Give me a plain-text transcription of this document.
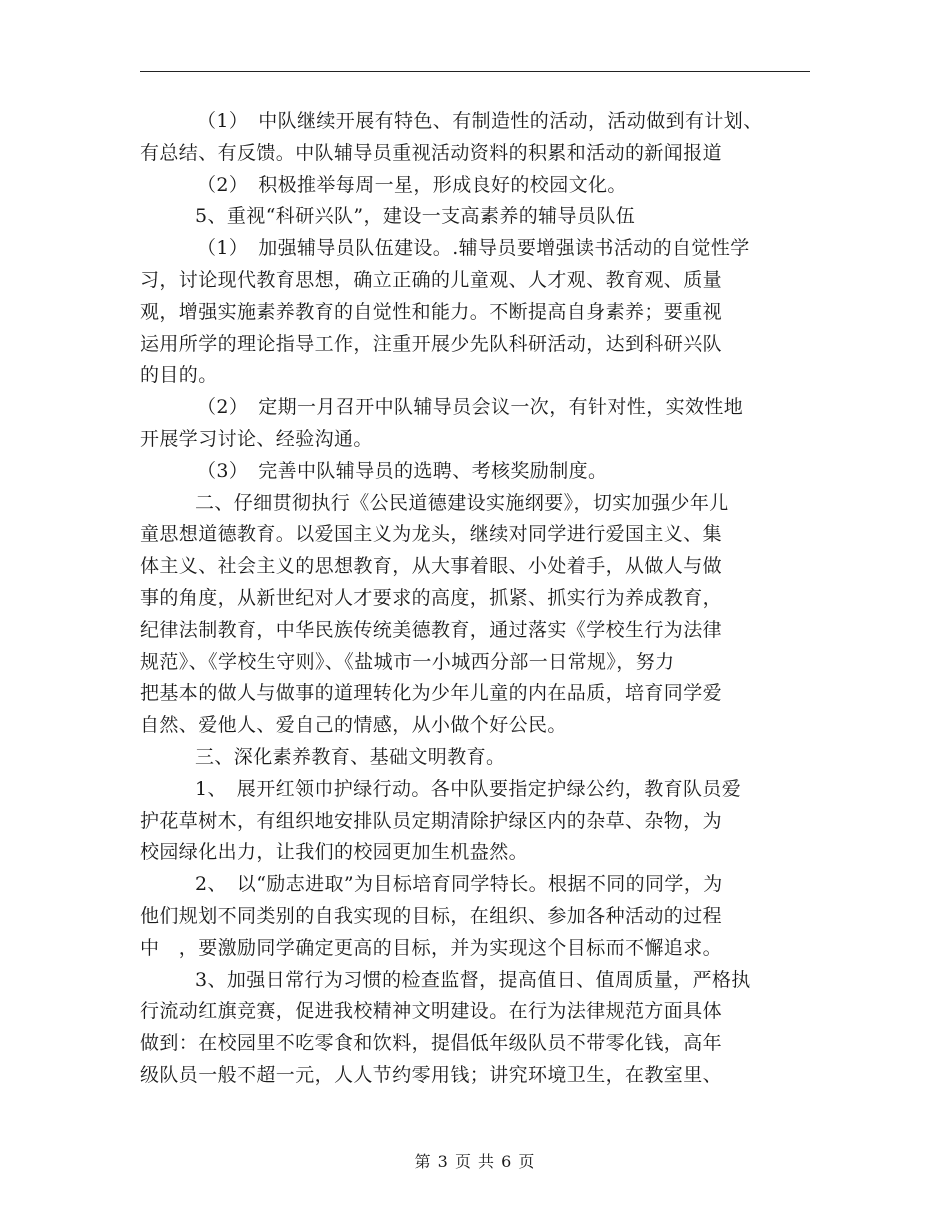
（1）　中队继续开展有特色、有制造性的活动，活动做到有计划、
有总结、有反馈。中队辅导员重视活动资料的积累和活动的新闻报道
（2）　积极推举每周一星，形成良好的校园文化。
5、重视“科研兴队”，建设一支高素养的辅导员队伍
（1）　加强辅导员队伍建设。.辅导员要增强读书活动的自觉性学
习，讨论现代教育思想，确立正确的儿童观、人才观、教育观、质量
观，增强实施素养教育的自觉性和能力。不断提高自身素养；要重视
运用所学的理论指导工作，注重开展少先队科研活动，达到科研兴队
的目的。
（2）　定期一月召开中队辅导员会议一次，有针对性，实效性地
开展学习讨论、经验沟通。
（3）　完善中队辅导员的选聘、考核奖励制度。
二、仔细贯彻执行《公民道德建设实施纲要》，切实加强少年儿
童思想道德教育。以爱国主义为龙头，继续对同学进行爱国主义、集
体主义、社会主义的思想教育，从大事着眼、小处着手，从做人与做
事的角度，从新世纪对人才要求的高度，抓紧、抓实行为养成教育，
纪律法制教育，中华民族传统美德教育，通过落实《学校生行为法律
规范》、《学校生守则》、《盐城市一小城西分部一日常规》，努力
把基本的做人与做事的道理转化为少年儿童的内在品质，培育同学爱
自然、爱他人、爱自己的情感，从小做个好公民。
三、深化素养教育、基础文明教育。
1、　展开红领巾护绿行动。各中队要指定护绿公约，教育队员爱
护花草树木，有组织地安排队员定期清除护绿区内的杂草、杂物，为
校园绿化出力，让我们的校园更加生机盎然。
2、　以“励志进取”为目标培育同学特长。根据不同的同学，为
他们规划不同类别的自我实现的目标，在组织、参加各种活动的过程
中　，要激励同学确定更高的目标，并为实现这个目标而不懈追求。
3、加强日常行为习惯的检查监督，提高值日、值周质量，严格执
行流动红旗竞赛，促进我校精神文明建设。在行为法律规范方面具体
做到：在校园里不吃零食和饮料，提倡低年级队员不带零化钱，高年
级队员一般不超一元，人人节约零用钱；讲究环境卫生，在教室里、
第 3 页 共 6 页
